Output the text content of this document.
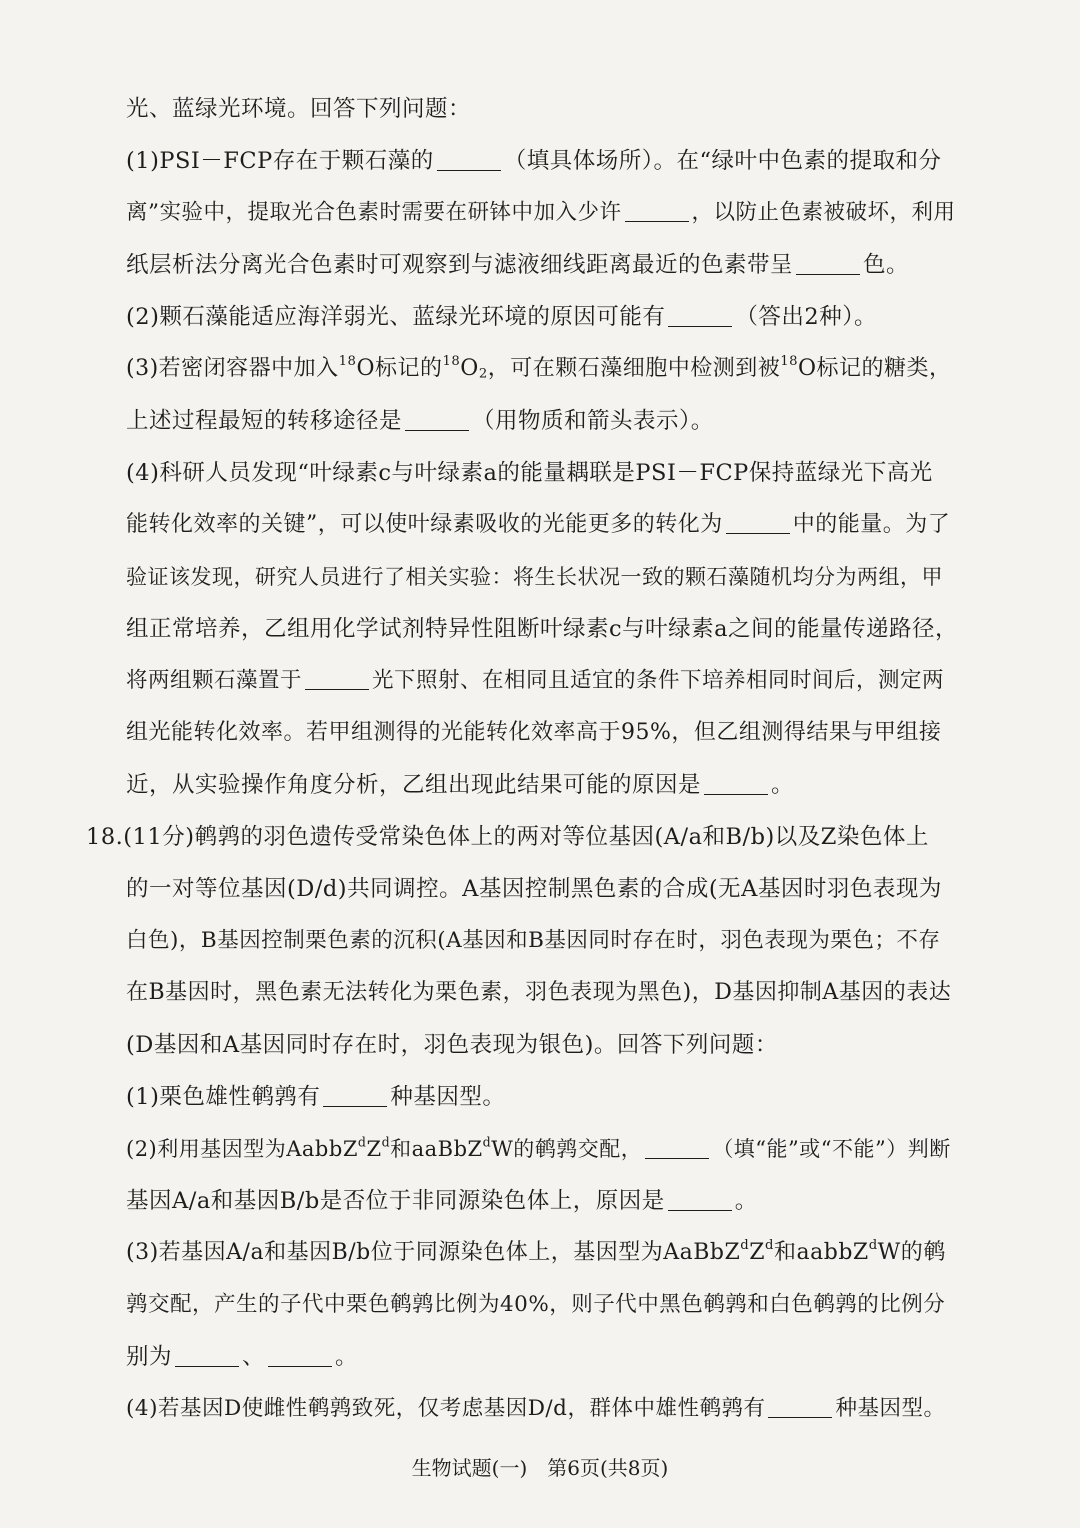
光、蓝绿光环境。回答下列问题：
(1)PSⅠ－FCP存在于颗石藻的	（填具体场所）。在“绿叶中色素的提取和分
离”实验中，提取光合色素时需要在研钵中加入少许	，以防止色素被破坏，利用
纸层析法分离光合色素时可观察到与滤液细线距离最近的色素带呈	色。
(2)颗石藻能适应海洋弱光、蓝绿光环境的原因可能有	（答出2种）。
(3)若密闭容器中加入$^{18}$O标记的$^{18}O_2$，可在颗石藻细胞中检测到被$^{18}$O标记的糖类，
上述过程最短的转移途径是	（用物质和箭头表示）。
(4)科研人员发现“叶绿素c与叶绿素a的能量耦联是PSⅠ－FCP保持蓝绿光下高光
能转化效率的关键”，可以使叶绿素吸收的光能更多的转化为	中的能量。为了
验证该发现，研究人员进行了相关实验：将生长状况一致的颗石藻随机均分为两组，甲
组正常培养，乙组用化学试剂特异性阻断叶绿素c与叶绿素a之间的能量传递路径，
将两组颗石藻置于	光下照射、在相同且适宜的条件下培养相同时间后，测定两
组光能转化效率。若甲组测得的光能转化效率高于95%，但乙组测得结果与甲组接
近，从实验操作角度分析，乙组出现此结果可能的原因是	。
18.(11分)鹌鹑的羽色遗传受常染色体上的两对等位基因(A/a和B/b)以及Z染色体上
的一对等位基因(D/d)共同调控。A基因控制黑色素的合成(无A基因时羽色表现为
白色)，B基因控制栗色素的沉积(A基因和B基因同时存在时，羽色表现为栗色；不存
在B基因时，黑色素无法转化为栗色素，羽色表现为黑色)，D基因抑制A基因的表达
(D基因和A基因同时存在时，羽色表现为银色)。回答下列问题：
(1)栗色雄性鹌鹑有	种基因型。
(2)利用基因型为$AabbZ^dZ^d$和aaBbZ$^d$W的鹌鹑交配，	（填“能”或“不能”）判断
基因A/a和基因B/b是否位于非同源染色体上，原因是	。
(3)若基因A/a和基因B/b位于同源染色体上，基因型为$AaBbZ^dZ^d$和aabbZ$^d$W的鹌
鹑交配，产生的子代中栗色鹌鹑比例为40%，则子代中黑色鹌鹑和白色鹌鹑的比例分
别为	、	。
(4)若基因D使雌性鹌鹑致死，仅考虑基因D/d，群体中雄性鹌鹑有	种基因型。
生物试题(一)　第6页(共8页)
